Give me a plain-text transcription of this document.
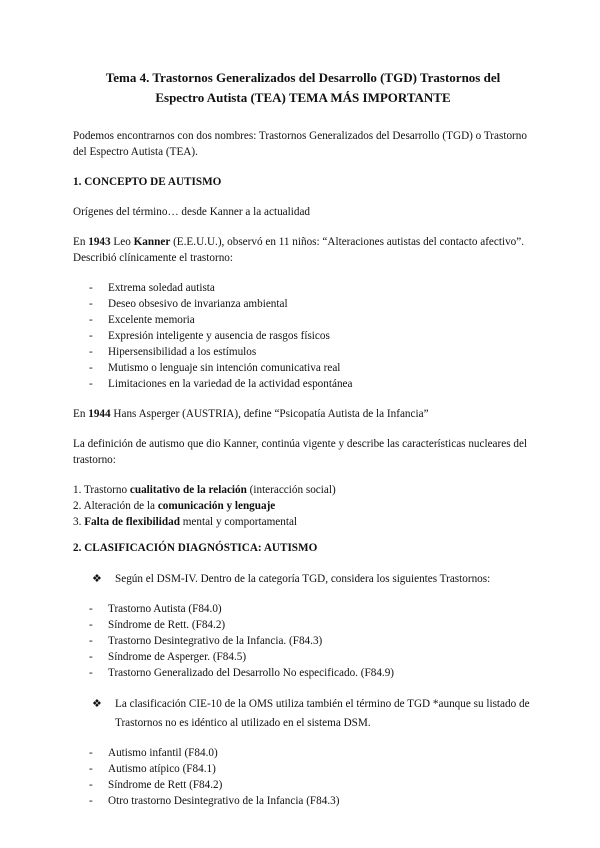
Tema 4. Trastornos Generalizados del Desarrollo (TGD) Trastornos del
Espectro Autista (TEA) TEMA MÁS IMPORTANTE

Podemos encontrarnos con dos nombres: Trastornos Generalizados del Desarrollo (TGD) o Trastorno del Espectro Autista (TEA).

1. CONCEPTO DE AUTISMO

Orígenes del término… desde Kanner a la actualidad

En 1943 Leo Kanner (E.E.U.U.), observó en 11 niños: “Alteraciones autistas del contacto afectivo”. Describió clínicamente el trastorno:

- Extrema soledad autista
- Deseo obsesivo de invarianza ambiental
- Excelente memoria
- Expresión inteligente y ausencia de rasgos físicos
- Hipersensibilidad a los estímulos
- Mutismo o lenguaje sin intención comunicativa real
- Limitaciones en la variedad de la actividad espontánea

En 1944 Hans Asperger (AUSTRIA), define “Psicopatía Autista de la Infancia”

La definición de autismo que dio Kanner, continúa vigente y describe las características nucleares del trastorno:

1. Trastorno cualitativo de la relación (interacción social)
2. Alteración de la comunicación y lenguaje
3. Falta de flexibilidad mental y comportamental
2. CLASIFICACIÓN DIAGNÓSTICA: AUTISMO
❖ Según el DSM-IV. Dentro de la categoría TGD, considera los siguientes Trastornos:
- Trastorno Autista (F84.0)
- Síndrome de Rett. (F84.2)
- Trastorno Desintegrativo de la Infancia. (F84.3)
- Síndrome de Asperger. (F84.5)
- Trastorno Generalizado del Desarrollo No especificado. (F84.9)
❖ La clasificación CIE-10 de la OMS utiliza también el término de TGD *aunque su listado de Trastornos no es idéntico al utilizado en el sistema DSM.
- Autismo infantil (F84.0)
- Autismo atípico (F84.1)
- Síndrome de Rett (F84.2)
- Otro trastorno Desintegrativo de la Infancia (F84.3)
